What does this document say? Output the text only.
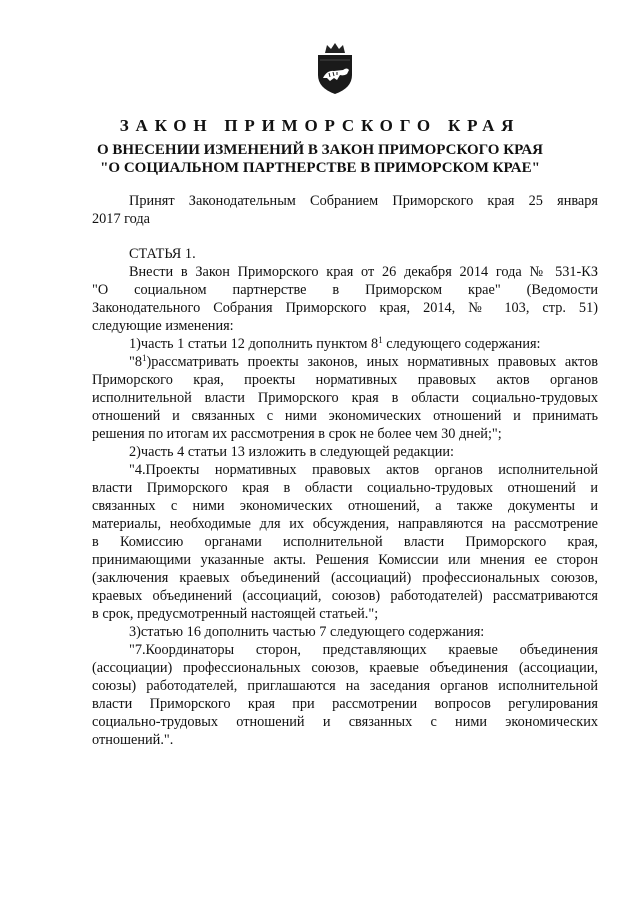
ЗАКОН ПРИМОРСКОГО КРАЯ
О ВНЕСЕНИИ ИЗМЕНЕНИЙ В ЗАКОН ПРИМОРСКОГО КРАЯ
"О СОЦИАЛЬНОМ ПАРТНЕРСТВЕ В ПРИМОРСКОМ КРАЕ"
Принят Законодательным Собранием Приморского края 25 января
2017 года
СТАТЬЯ 1.
Внести в Закон Приморского края от 26 декабря 2014 года № 531-КЗ
"О социальном партнерстве в Приморском крае" (Ведомости
Законодательного Собрания Приморского края, 2014, № 103, стр. 51)
следующие изменения:
1)часть 1 статьи 12 дополнить пунктом $8^1$ следующего содержания:
"$8^1)рассматривать$ проекты законов, иных нормативных правовых актов
Приморского края, проекты нормативных правовых актов органов
исполнительной власти Приморского края в области социально-трудовых
отношений и связанных с ними экономических отношений и принимать
решения по итогам их рассмотрения в срок не более чем 30 дней;";
2)часть 4 статьи 13 изложить в следующей редакции:
"4.Проекты нормативных правовых актов органов исполнительной
власти Приморского края в области социально-трудовых отношений и
связанных с ними экономических отношений, а также документы и
материалы, необходимые для их обсуждения, направляются на рассмотрение
в Комиссию органами исполнительной власти Приморского края,
принимающими указанные акты. Решения Комиссии или мнения ее сторон
(заключения краевых объединений (ассоциаций) профессиональных союзов,
краевых объединений (ассоциаций, союзов) работодателей) рассматриваются
в срок, предусмотренный настоящей статьей.";
3)статью 16 дополнить частью 7 следующего содержания:
"7.Координаторы сторон, представляющих краевые объединения
(ассоциации) профессиональных союзов, краевые объединения (ассоциации,
союзы) работодателей, приглашаются на заседания органов исполнительной
власти Приморского края при рассмотрении вопросов регулирования
социально-трудовых отношений и связанных с ними экономических
отношений.".
